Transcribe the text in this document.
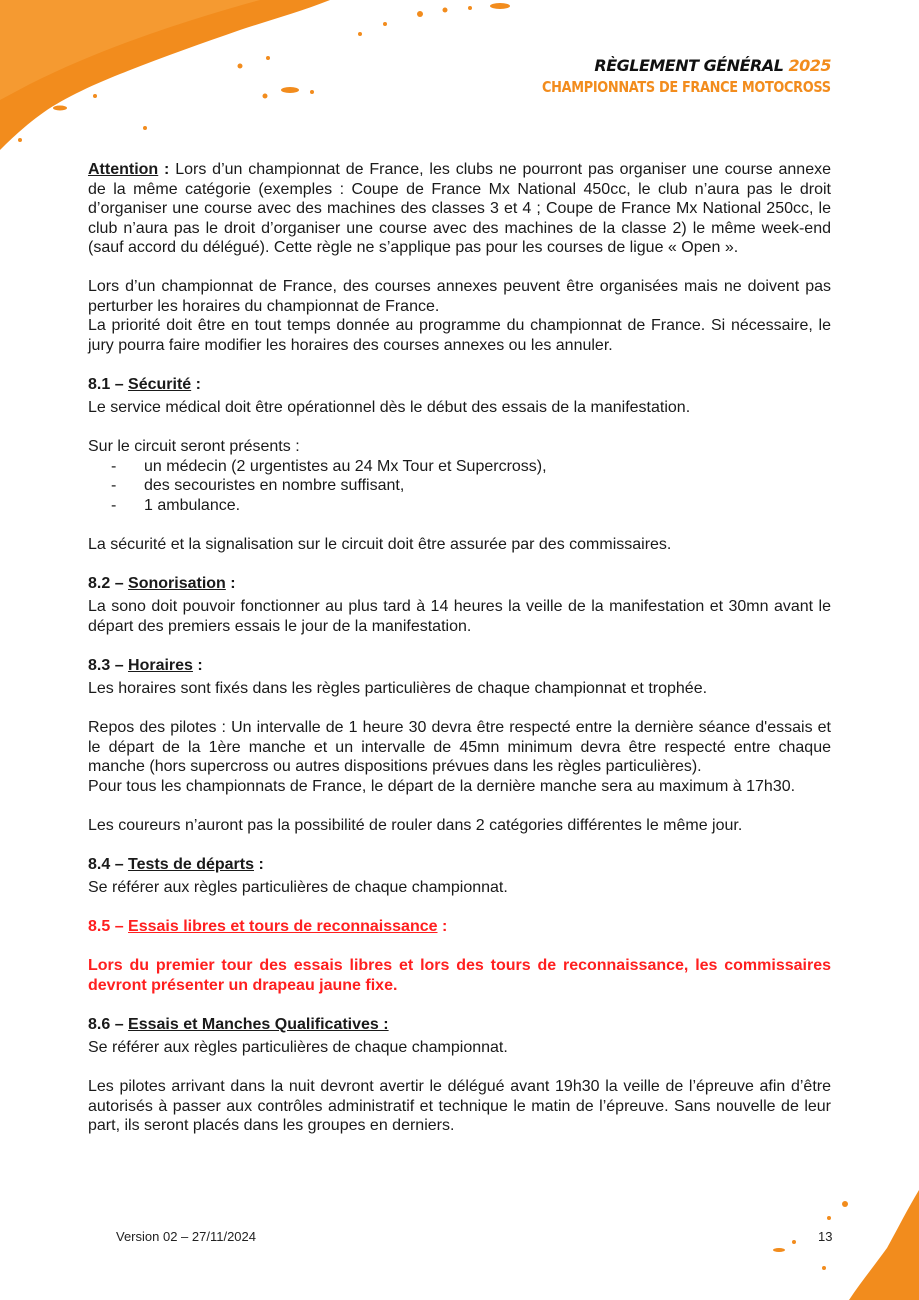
RÈGLEMENT GÉNÉRAL 2025
CHAMPIONNATS DE FRANCE MOTOCROSS

Attention : Lors d’un championnat de France, les clubs ne pourront pas organiser une course annexe de la même catégorie (exemples : Coupe de France Mx National 450cc, le club n’aura pas le droit d’organiser une course avec des machines des classes 3 et 4 ; Coupe de France Mx National 250cc, le club n’aura pas le droit d’organiser une course avec des machines de la classe 2) le même week-end (sauf accord du délégué). Cette règle ne s’applique pas pour les courses de ligue « Open ».

Lors d’un championnat de France, des courses annexes peuvent être organisées mais ne doivent pas perturber les horaires du championnat de France.

La priorité doit être en tout temps donnée au programme du championnat de France. Si nécessaire, le jury pourra faire modifier les horaires des courses annexes ou les annuler.

8.1 – Sécurité :

Le service médical doit être opérationnel dès le début des essais de la manifestation.

Sur le circuit seront présents :

- un médecin (2 urgentistes au 24 Mx Tour et Supercross),
- des secouristes en nombre suffisant,
- 1 ambulance.

La sécurité et la signalisation sur le circuit doit être assurée par des commissaires.

8.2 – Sonorisation :

La sono doit pouvoir fonctionner au plus tard à 14 heures la veille de la manifestation et 30mn avant le départ des premiers essais le jour de la manifestation.

8.3 – Horaires :

Les horaires sont fixés dans les règles particulières de chaque championnat et trophée.

Repos des pilotes : Un intervalle de 1 heure 30 devra être respecté entre la dernière séance d'essais et le départ de la 1ère manche et un intervalle de 45mn minimum devra être respecté entre chaque manche (hors supercross ou autres dispositions prévues dans les règles particulières).

Pour tous les championnats de France, le départ de la dernière manche sera au maximum à 17h30.

Les coureurs n’auront pas la possibilité de rouler dans 2 catégories différentes le même jour.

8.4 – Tests de départs :

Se référer aux règles particulières de chaque championnat.

8.5 – Essais libres et tours de reconnaissance :

Lors du premier tour des essais libres et lors des tours de reconnaissance, les commissaires devront présenter un drapeau jaune fixe.

8.6 – Essais et Manches Qualificatives :

Se référer aux règles particulières de chaque championnat.

Les pilotes arrivant dans la nuit devront avertir le délégué avant 19h30 la veille de l’épreuve afin d’être autorisés à passer aux contrôles administratif et technique le matin de l’épreuve. Sans nouvelle de leur part, ils seront placés dans les groupes en derniers.

Version 02 – 27/11/2024	13
